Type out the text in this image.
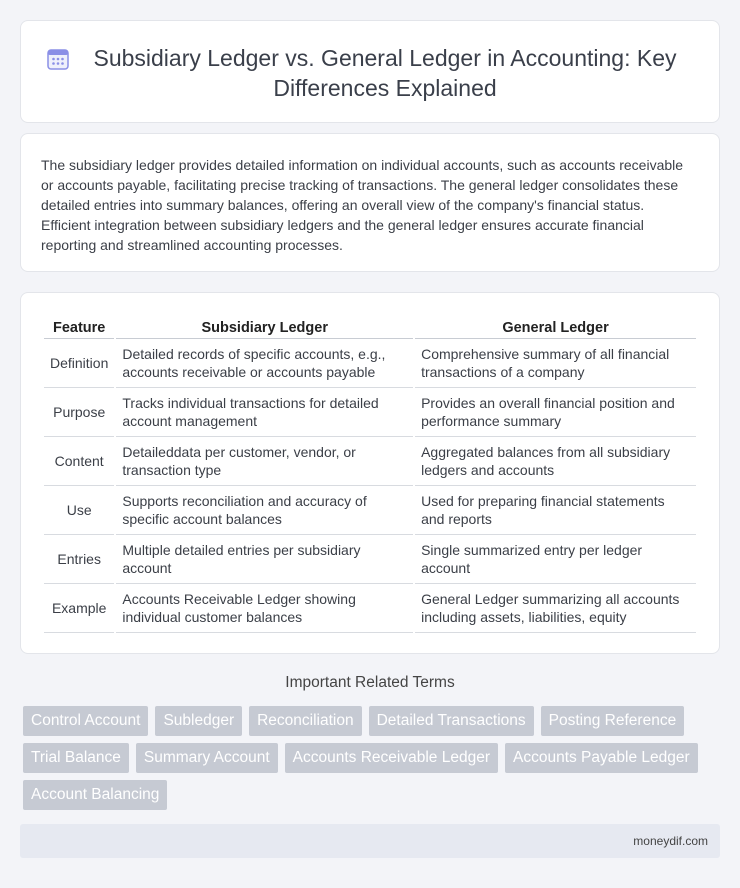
Subsidiary Ledger vs. General Ledger in Accounting: Key Differences Explained

The subsidiary ledger provides detailed information on individual accounts, such as accounts receivable or accounts payable, facilitating precise tracking of transactions. The general ledger consolidates these detailed entries into summary balances, offering an overall view of the company's financial status. Efficient integration between subsidiary ledgers and the general ledger ensures accurate financial reporting and streamlined accounting processes.

Feature	Subsidiary Ledger	General Ledger
Definition	Detailed records of specific accounts, e.g., accounts receivable or accounts payable	Comprehensive summary of all financial transactions of a company
Purpose	Tracks individual transactions for detailed account management	Provides an overall financial position and performance summary
Content	Detaileddata per customer, vendor, or transaction type	Aggregated balances from all subsidiary ledgers and accounts
Use	Supports reconciliation and accuracy of specific account balances	Used for preparing financial statements and reports
Entries	Multiple detailed entries per subsidiary account	Single summarized entry per ledger account
Example	Accounts Receivable Ledger showing individual customer balances	General Ledger summarizing all accounts including assets, liabilities, equity
Important Related Terms
Control Account	Subledger	Reconciliation	Detailed Transactions	Posting Reference
Trial Balance	Summary Account	Accounts Receivable Ledger	Accounts Payable Ledger
Account Balancing
moneydif.com
